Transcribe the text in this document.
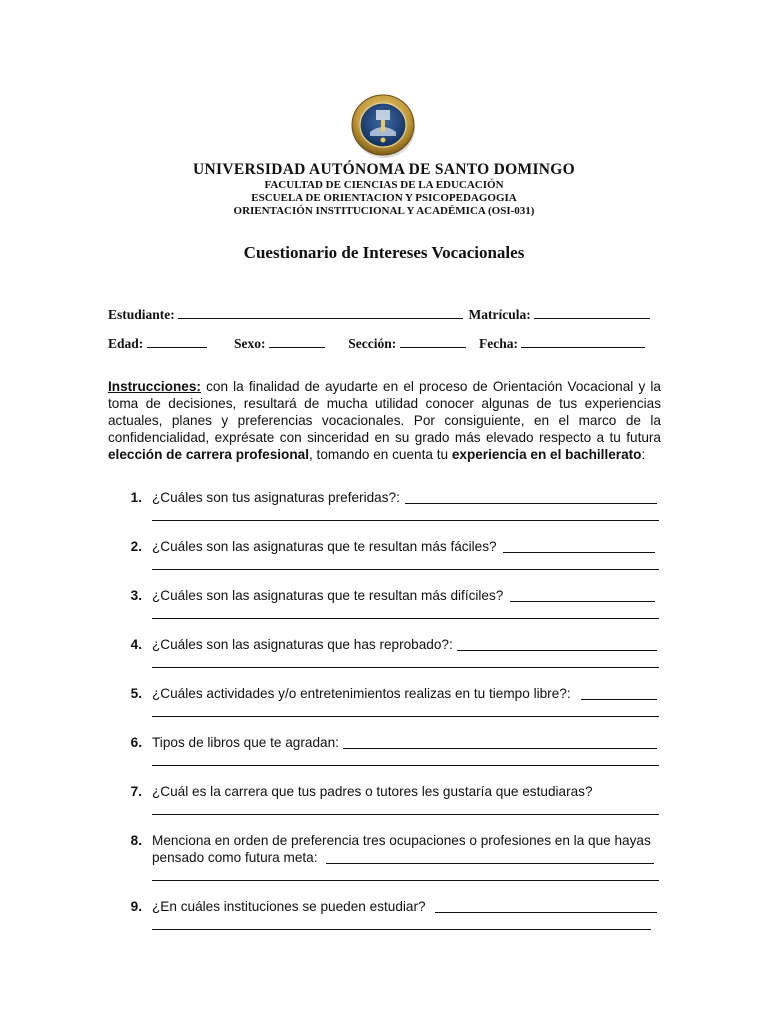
UNIVERSIDAD AUTÓNOMA DE SANTO DOMINGO
FACULTAD DE CIENCIAS DE LA EDUCACIÓN
ESCUELA DE ORIENTACION Y PSICOPEDAGOGIA
ORIENTACIÓN INSTITUCIONAL Y ACADÉMICA (OSI-031)
Cuestionario de Intereses Vocacionales
Estudiante:	Matrícula:
Edad:	Sexo:	Sección:	Fecha:
Instrucciones: con la finalidad de ayudarte en el proceso de Orientación Vocacional y la toma de decisiones, resultará de mucha utilidad conocer algunas de tus experiencias actuales, planes y preferencias vocacionales. Por consiguiente, en el marco de la confidencialidad, exprésate con sinceridad en su grado más elevado respecto a tu futura elección de carrera profesional, tomando en cuenta tu experiencia en el bachillerato:
1. ¿Cuáles son tus asignaturas preferidas?:
2. ¿Cuáles son las asignaturas que te resultan más fáciles?
3. ¿Cuáles son las asignaturas que te resultan más difíciles?
4. ¿Cuáles son las asignaturas que has reprobado?:
5. ¿Cuáles actividades y/o entretenimientos realizas en tu tiempo libre?:
6. Tipos de libros que te agradan:
7. ¿Cuál es la carrera que tus padres o tutores les gustaría que estudiaras?
8. Menciona en orden de preferencia tres ocupaciones o profesiones en la que hayas
pensado como futura meta:
9. ¿En cuáles instituciones se pueden estudiar?
